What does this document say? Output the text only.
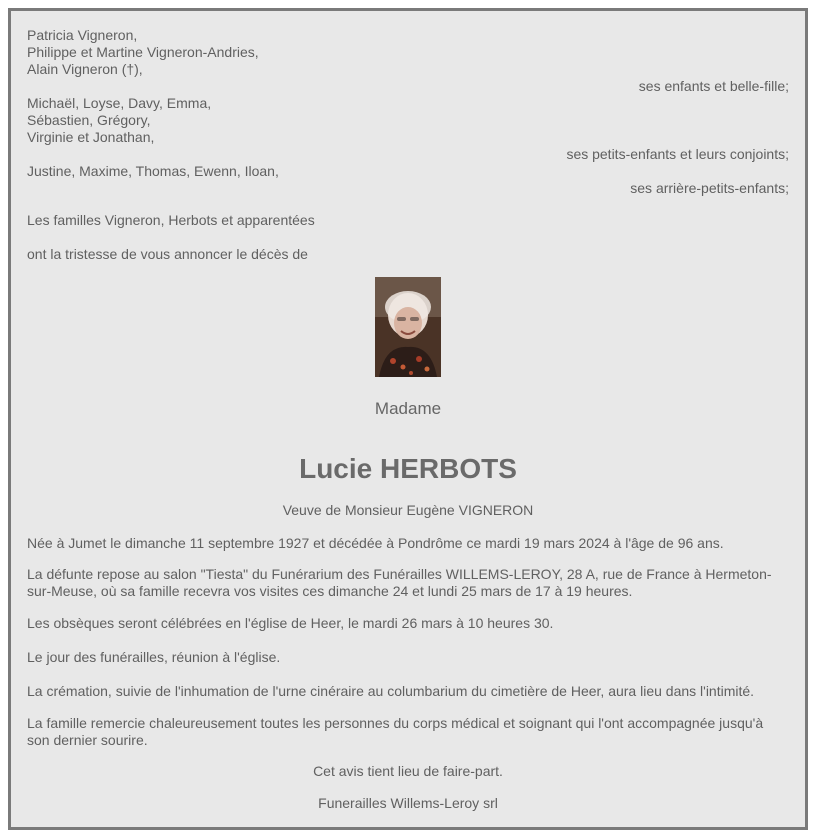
Patricia Vigneron,
Philippe et Martine Vigneron-Andries,
Alain Vigneron (†),
ses enfants et belle-fille;
Michaël, Loyse, Davy, Emma,
Sébastien, Grégory,
Virginie et Jonathan,
ses petits-enfants et leurs conjoints;
Justine, Maxime, Thomas, Ewenn, Iloan,
ses arrière-petits-enfants;
Les familles Vigneron, Herbots et apparentées
ont la tristesse de vous annoncer le décès de
Madame
Lucie HERBOTS
Veuve de Monsieur Eugène VIGNERON
Née à Jumet le dimanche 11 septembre 1927 et décédée à Pondrôme ce mardi 19 mars 2024 à l'âge de 96 ans.
La défunte repose au salon "Tiesta" du Funérarium des Funérailles WILLEMS-LEROY, 28 A, rue de France à Hermeton-sur-Meuse, où sa famille recevra vos visites ces dimanche 24 et lundi 25 mars de 17 à 19 heures.
Les obsèques seront célébrées en l'église de Heer, le mardi 26 mars à 10 heures 30.
Le jour des funérailles, réunion à l'église.
La crémation, suivie de l'inhumation de l'urne cinéraire au columbarium du cimetière de Heer, aura lieu dans l'intimité.
La famille remercie chaleureusement toutes les personnes du corps médical et soignant qui l'ont accompagnée jusqu'à son dernier sourire.
Cet avis tient lieu de faire-part.
Funerailles Willems-Leroy srl
